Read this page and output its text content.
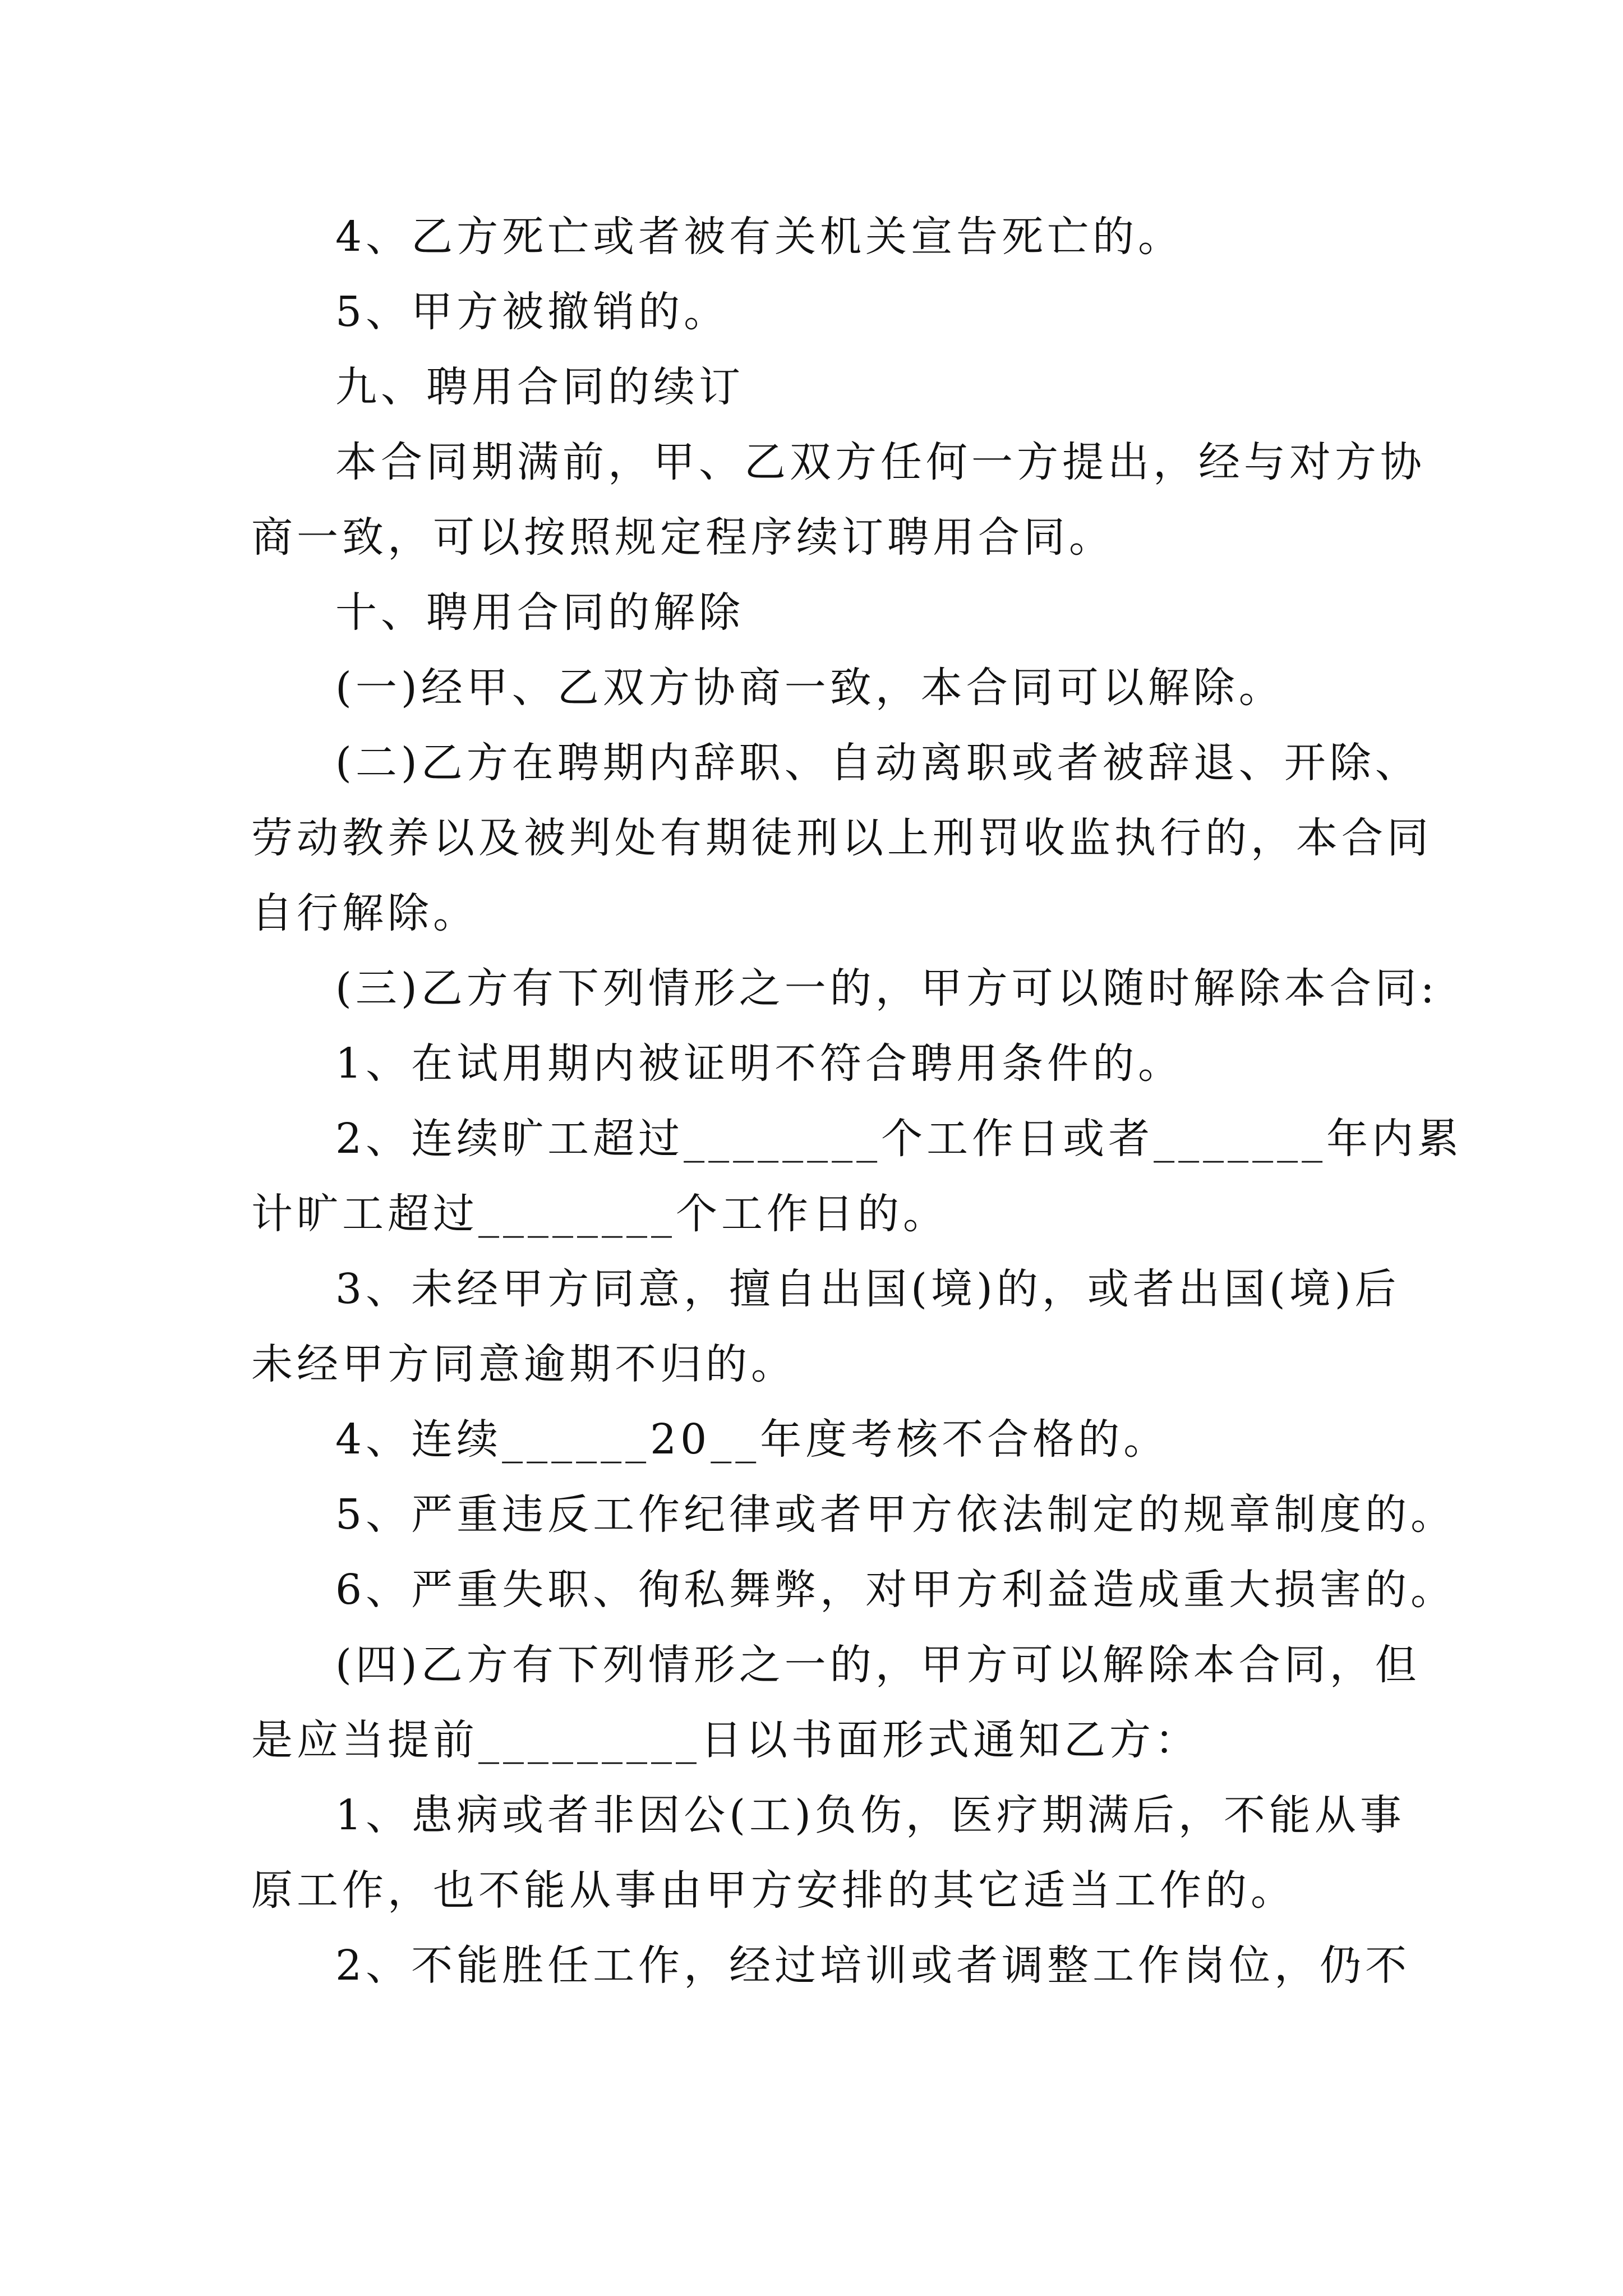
4、乙方死亡或者被有关机关宣告死亡的。

5、甲方被撤销的。

九、聘用合同的续订

本合同期满前，甲、乙双方任何一方提出，经与对方协

商一致，可以按照规定程序续订聘用合同。

十、聘用合同的解除

(一)经甲、乙双方协商一致，本合同可以解除。

(二)乙方在聘期内辞职、自动离职或者被辞退、开除、

劳动教养以及被判处有期徒刑以上刑罚收监执行的，本合同

自行解除。

(三)乙方有下列情形之一的，甲方可以随时解除本合同:

1、在试用期内被证明不符合聘用条件的。

2、连续旷工超过________个工作日或者_______年内累

计旷工超过________个工作日的。

3、未经甲方同意，擅自出国(境)的，或者出国(境)后

未经甲方同意逾期不归的。

4、连续______20__年度考核不合格的。

5、严重违反工作纪律或者甲方依法制定的规章制度的。

6、严重失职、徇私舞弊，对甲方利益造成重大损害的。

(四)乙方有下列情形之一的，甲方可以解除本合同，但

是应当提前_________日以书面形式通知乙方：

1、患病或者非因公(工)负伤，医疗期满后，不能从事

原工作，也不能从事由甲方安排的其它适当工作的。

2、不能胜任工作，经过培训或者调整工作岗位，仍不
